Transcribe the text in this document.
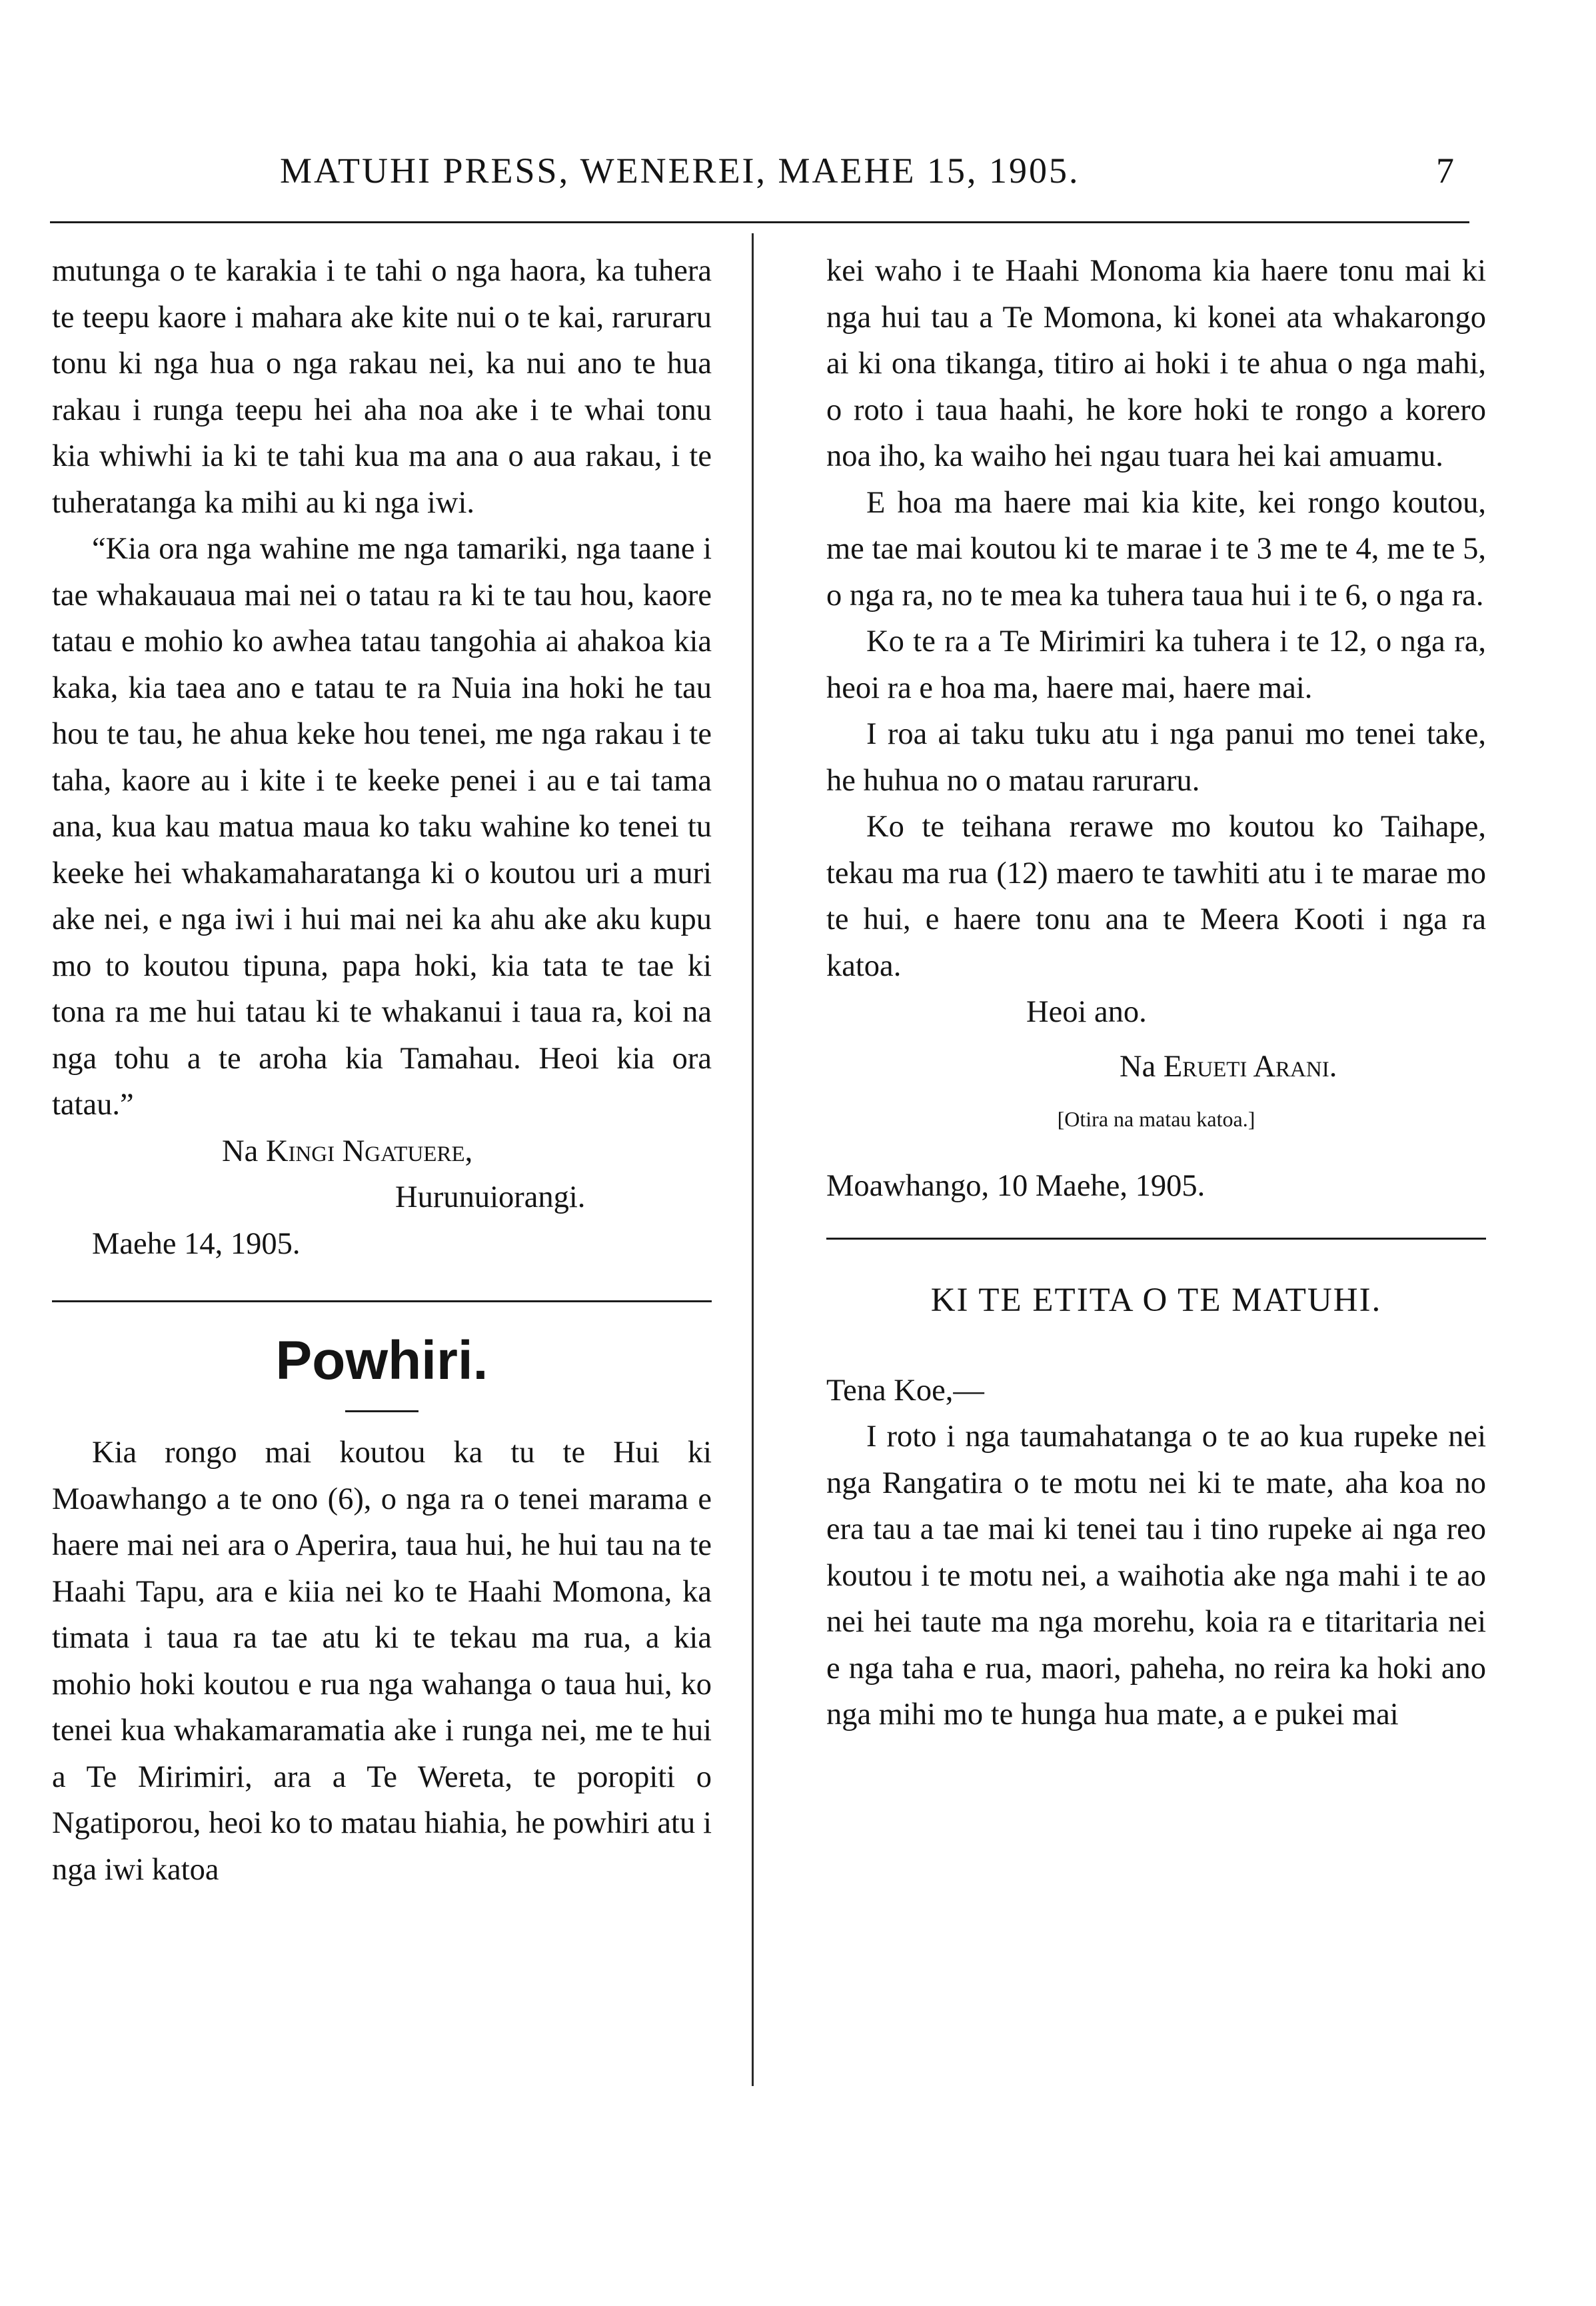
MATUHI PRESS, WENEREI, MAEHE 15, 1905.	7

mutunga o te karakia i te tahi o nga haora, ka tuhera te teepu kaore i mahara ake kite nui o te kai, raruraru tonu ki nga hua o nga rakau nei, ka nui ano te hua rakau i runga teepu hei aha noa ake i te whai tonu kia whiwhi ia ki te tahi kua ma ana o aua rakau, i te tuheratanga ka mihi au ki nga iwi.

“Kia ora nga wahine me nga tamariki, nga taane i tae whakauaua mai nei o tatau ra ki te tau hou, kaore tatau e mohio ko awhea tatau tangohia ai ahakoa kia kaka, kia taea ano e tatau te ra Nuia ina hoki he tau hou te tau, he ahua keke hou tenei, me nga rakau i te taha, kaore au i kite i te keeke penei i au e tai tama ana, kua kau matua maua ko taku wahine ko tenei tu keeke hei whakamaharatanga ki o koutou uri a muri ake nei, e nga iwi i hui mai nei ka ahu ake aku kupu mo to koutou tipuna, papa hoki, kia tata te tae ki tona ra me hui tatau ki te whakanui i taua ra, koi na nga tohu a te aroha kia Tamahau. Heoi kia ora tatau.”

Na Kingi Ngatuere,
Hurunuiorangi.
Maehe 14, 1905.
Powhiri.

Kia rongo mai koutou ka tu te Hui ki Moawhango a te ono (6), o nga ra o tenei marama e haere mai nei ara o Aperira, taua hui, he hui tau na te Haahi Tapu, ara e kiia nei ko te Haahi Momona, ka timata i taua ra tae atu ki te tekau ma rua, a kia mohio hoki koutou e rua nga wahanga o taua hui, ko tenei kua whakamaramatia ake i runga nei, me te hui a Te Mirimiri, ara a Te Wereta, te poropiti o Ngatiporou, heoi ko to matau hiahia, he powhiri atu i nga iwi katoa

kei waho i te Haahi Monoma kia haere tonu mai ki nga hui tau a Te Momona, ki konei ata whakarongo ai ki ona tikanga, titiro ai hoki i te ahua o nga mahi, o roto i taua haahi, he kore hoki te rongo a korero noa iho, ka waiho hei ngau tuara hei kai amuamu.

E hoa ma haere mai kia kite, kei rongo koutou, me tae mai koutou ki te marae i te 3 me te 4, me te 5, o nga ra, no te mea ka tuhera taua hui i te 6, o nga ra.

Ko te ra a Te Mirimiri ka tuhera i te 12, o nga ra, heoi ra e hoa ma, haere mai, haere mai.

I roa ai taku tuku atu i nga panui mo tenei take, he huhua no o matau raruraru.

Ko te teihana rerawe mo koutou ko Taihape, tekau ma rua (12) maero te tawhiti atu i te marae mo te hui, e haere tonu ana te Meera Kooti i nga ra katoa.

Heoi ano.
Na Erueti Arani.
[Otira na matau katoa.]
Moawhango, 10 Maehe, 1905.
KI TE ETITA O TE MATUHI.
Tena Koe,—

I roto i nga taumahatanga o te ao kua rupeke nei nga Rangatira o te motu nei ki te mate, aha koa no era tau a tae mai ki tenei tau i tino rupeke ai nga reo koutou i te motu nei, a waihotia ake nga mahi i te ao nei hei taute ma nga morehu, koia ra e titaritaria nei e nga taha e rua, maori, paheha, no reira ka hoki ano nga mihi mo te hunga hua mate, a e pukei mai
